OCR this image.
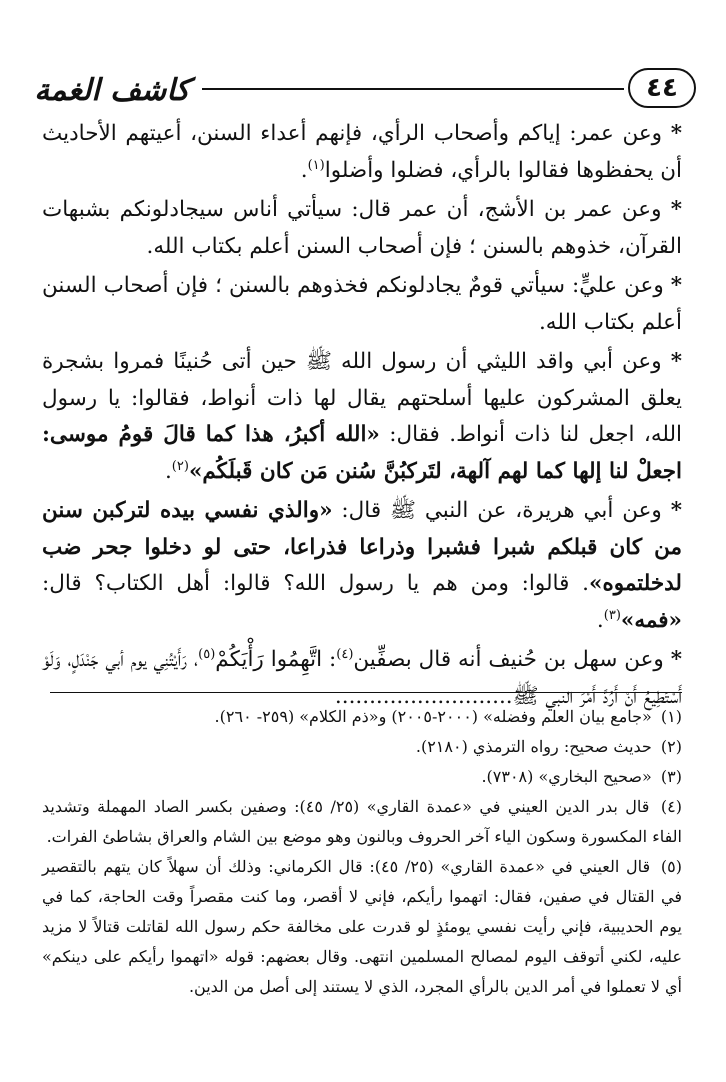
٤٤
كاشف الغمة

* وعن عمر: إياكم وأصحاب الرأي، فإنهم أعداء السنن، أعيتهم الأحاديث أن يحفظوها فقالوا بالرأي، فضلوا وأضلوا$^{(١)}$.

* وعن عمر بن الأشج، أن عمر قال: سيأتي أناس سيجادلونكم بشبهات القرآن، خذوهم بالسنن ؛ فإن أصحاب السنن أعلم بكتاب الله.

* وعن عليٍّ: سيأتي قومٌ يجادلونكم فخذوهم بالسنن ؛ فإن أصحاب السنن أعلم بكتاب الله.

* وعن أبي واقد الليثي أن رسول الله ﷺ حين أتى حُنينًا فمروا بشجرة يعلق المشركون عليها أسلحتهم يقال لها ذات أنواط، فقالوا: يا رسول الله، اجعل لنا ذات أنواط. فقال: «الله أكبرُ، هذا كما قالَ قومُ موسى: اجعلْ لنا إلها كما لهم آلهة، لتَركبُنَّ سُنن مَن كان قَبلَكُم»$^{(٢)}$.

* وعن أبي هريرة، عن النبي ﷺ قال: «والذي نفسي بيده لتركبن سنن من كان قبلكم شبرا فشبرا وذراعا فذراعا، حتى لو دخلوا جحر ضب لدخلتموه». قالوا: ومن هم يا رسول الله؟ قالوا: أهل الكتاب؟ قال: «فمه»$^{(٣)}$.

* وعن سهل بن حُنيف أنه قال بصفِّين$^{(٤)}$: اتَّهِمُوا رَأْيَكُمْ$^{(٥)}$، رَأَيْتُنِي يوم أبي جَنْدَلٍ، وَلَوْ أَسْتَطِيعُ أَنْ أَرُدَّ أَمْرَ النبي ﷺ..........................

(١) «جامع بيان العلم وفضله» (٢٠٠٠-٢٠٠٥) و«ذم الكلام» (٢٥٩- ٢٦٠).

(٢) حديث صحيح: رواه الترمذي (٢١٨٠).

(٣) «صحيح البخاري» (٧٣٠٨).

(٤) قال بدر الدين العيني في «عمدة القاري» (٢٥/ ٤٥): وصفين بكسر الصاد المهملة وتشديد الفاء المكسورة وسكون الياء آخر الحروف وبالنون وهو موضع بين الشام والعراق بشاطئ الفرات.

(٥) قال العيني في «عمدة القاري» (٢٥/ ٤٥): قال الكرماني: وذلك أن سهلاً كان يتهم بالتقصير في القتال في صفين، فقال: اتهموا رأيكم، فإني لا أقصر، وما كنت مقصراً وقت الحاجة، كما في يوم الحديبية، فإني رأيت نفسي يومئذٍ لو قدرت على مخالفة حكم رسول الله لقاتلت قتالاً لا مزيد عليه، لكني أتوقف اليوم لمصالح المسلمين انتهى. وقال بعضهم: قوله «اتهموا رأيكم على دينكم» أي لا تعملوا في أمر الدين بالرأي المجرد، الذي لا يستند إلى أصل من الدين.
